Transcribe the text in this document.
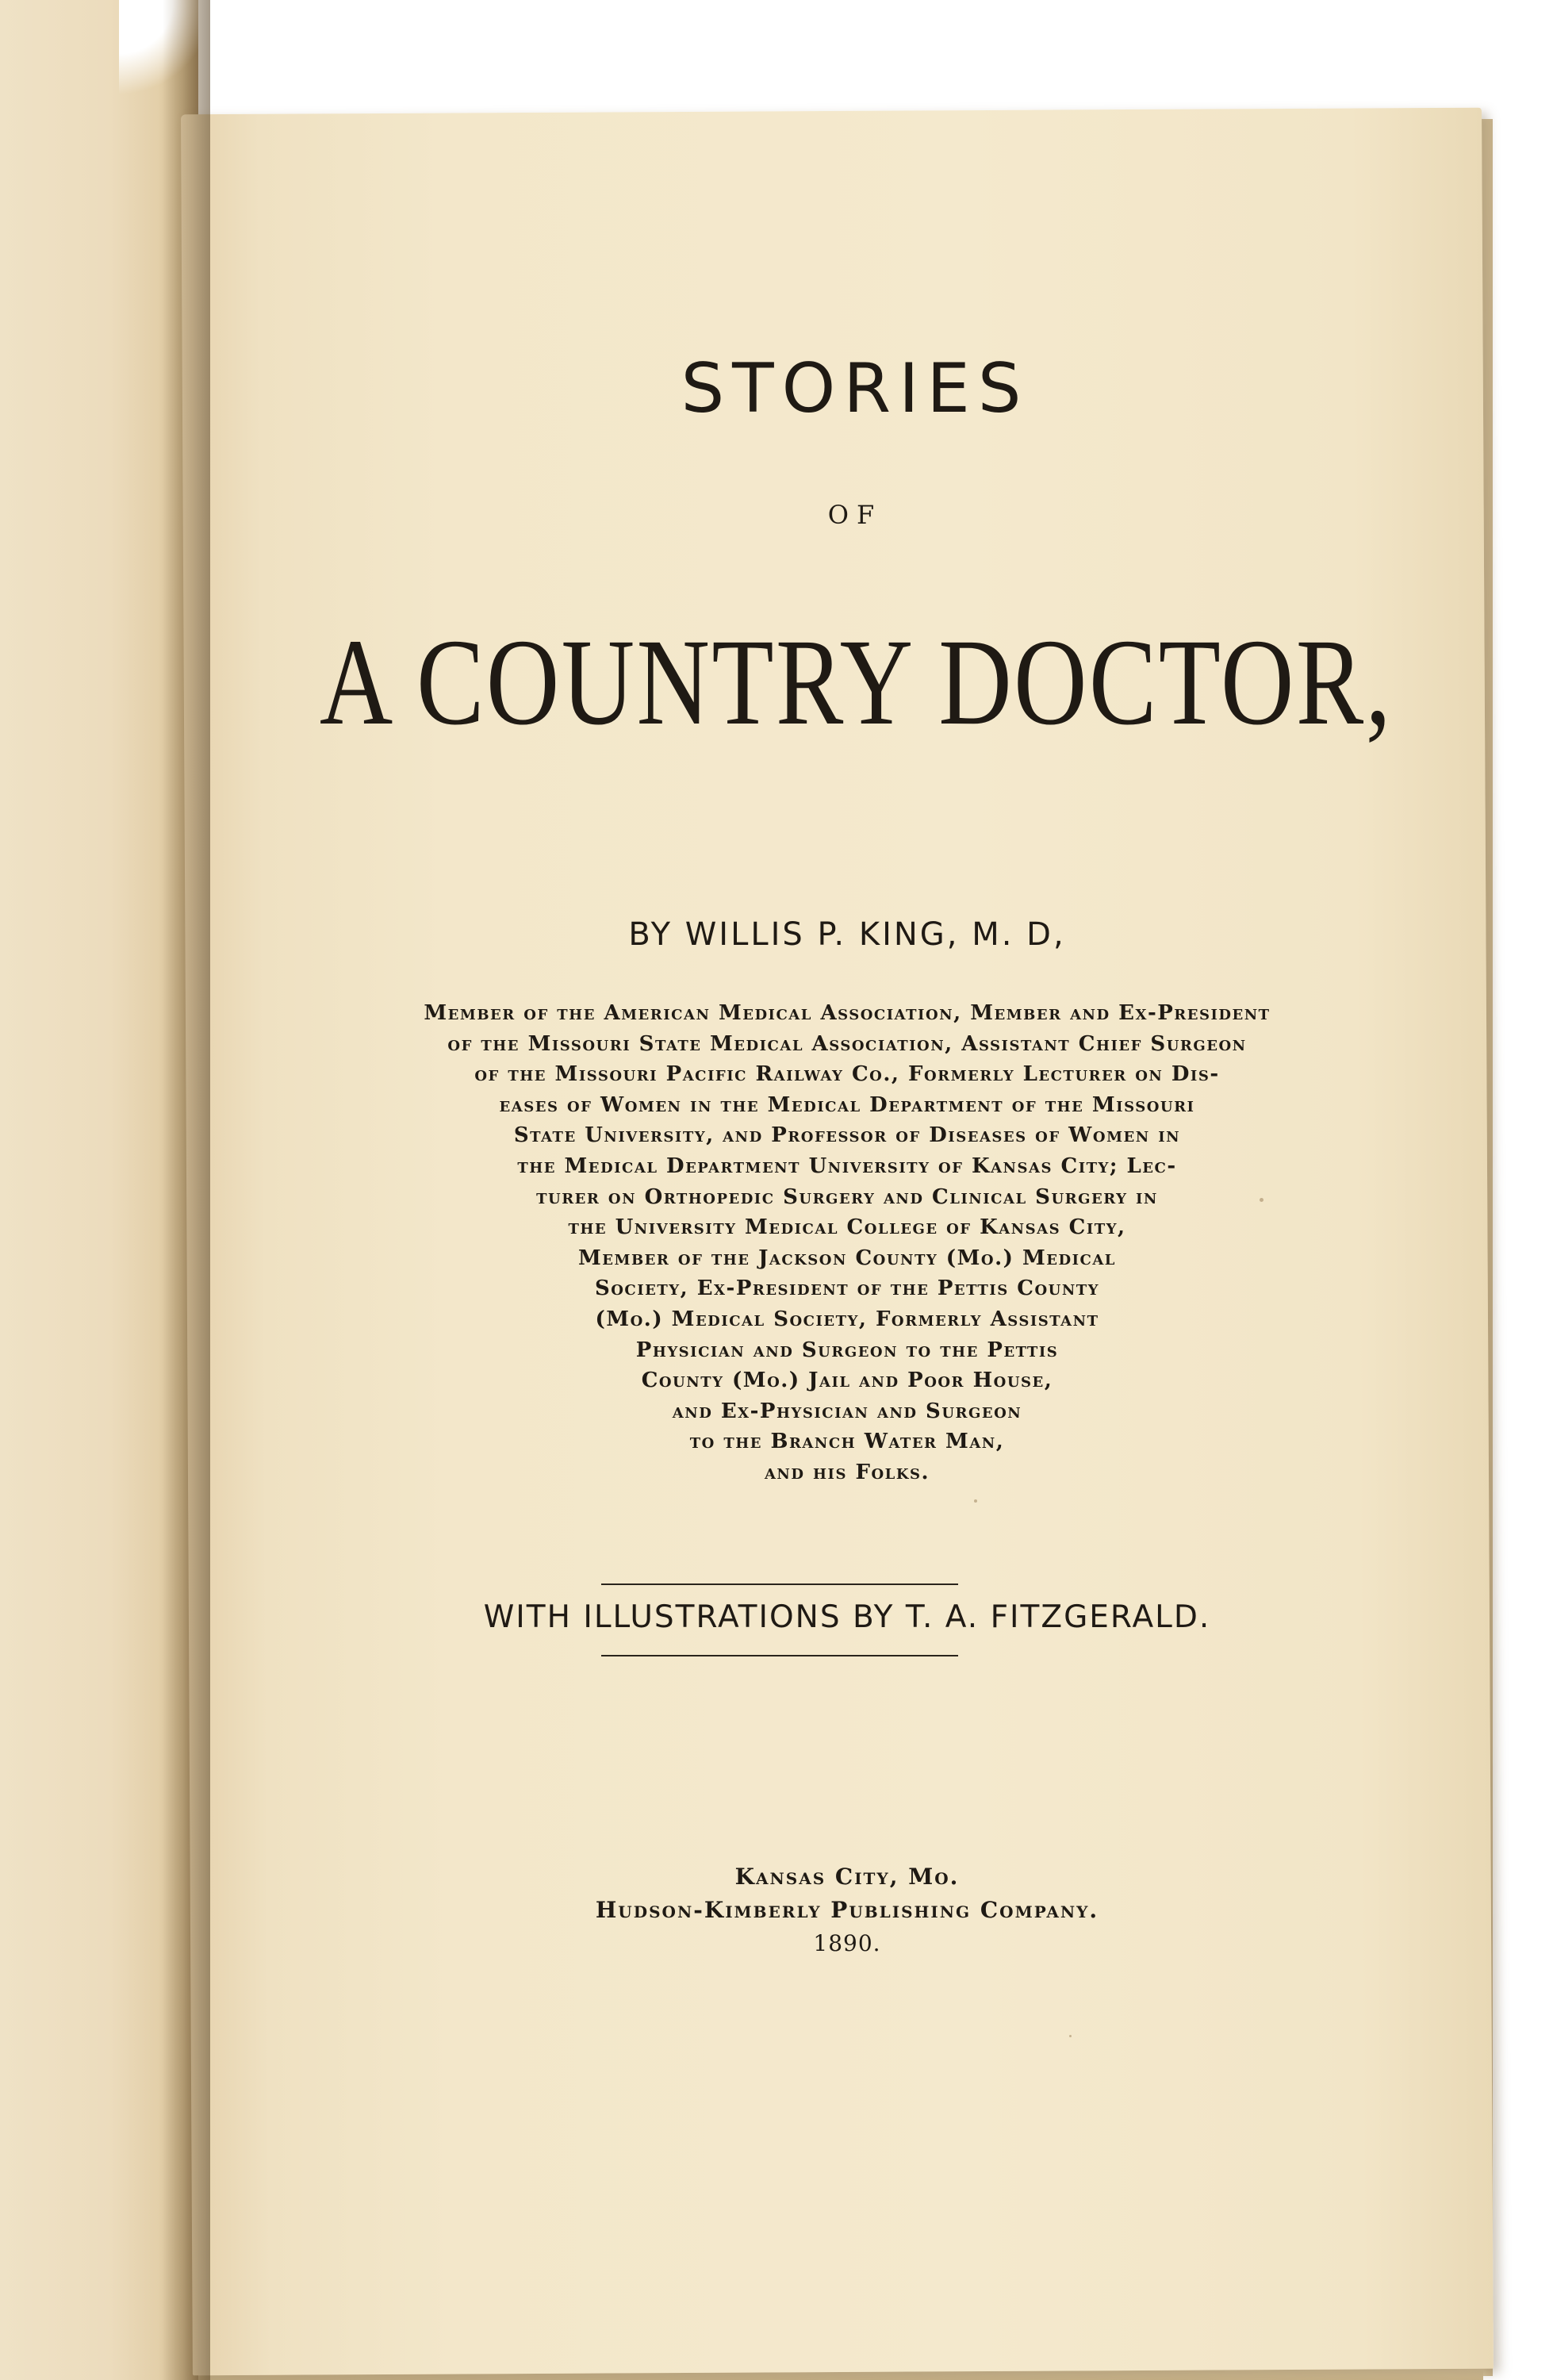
STORIES
OF
A COUNTRY DOCTOR,
BY WILLIS P. KING, M. D,
Member of the American Medical Association, Member and Ex-President
of the Missouri State Medical Association, Assistant Chief Surgeon
of the Missouri Pacific Railway Co., Formerly Lecturer on Dis-
eases of Women in the Medical Department of the Missouri
State University, and Professor of Diseases of Women in
the Medical Department University of Kansas City; Lec-
turer on Orthopedic Surgery and Clinical Surgery in
the University Medical College of Kansas City,
Member of the Jackson County (Mo.) Medical
Society, Ex-President of the Pettis County
(Mo.) Medical Society, Formerly Assistant
Physician and Surgeon to the Pettis
County (Mo.) Jail and Poor House,
and Ex-Physician and Surgeon
to the Branch Water Man,
and his Folks.
WITH ILLUSTRATIONS BY T. A. FITZGERALD.
Kansas City, Mo.
Hudson-Kimberly Publishing Company.
1890.
